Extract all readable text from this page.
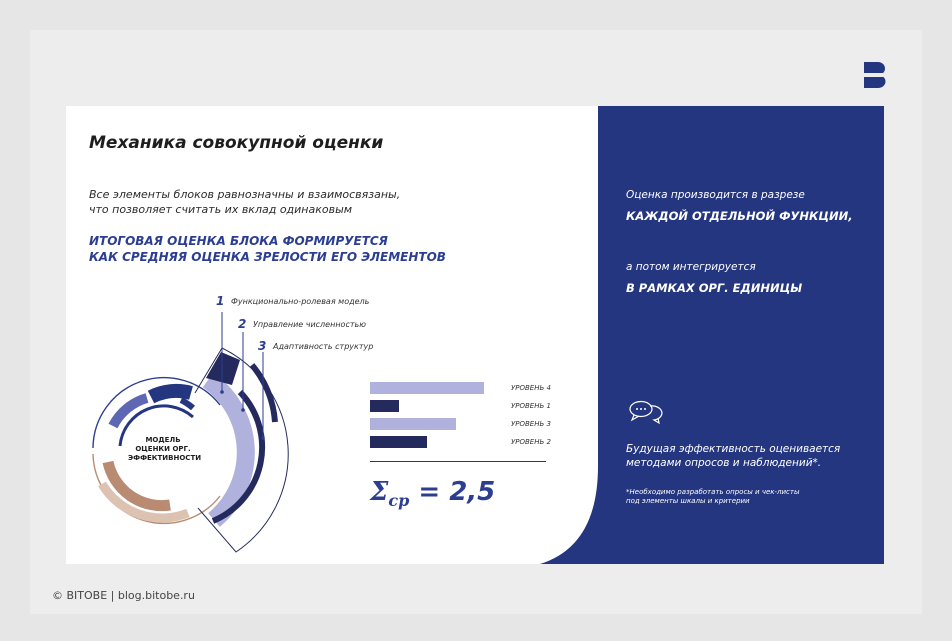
Механика совокупной оценки
Все элементы блоков равнозначны и взаимосвязаны,
что позволяет считать их вклад одинаковым
ИТОГОВАЯ ОЦЕНКА БЛОКА ФОРМИРУЕТСЯ
КАК СРЕДНЯЯ ОЦЕНКА ЗРЕЛОСТИ ЕГО ЭЛЕМЕНТОВ
1 Функционально-ролевая модель
2 Управление численностью
3 Адаптивность структур
МОДЕЛЬ
ОЦЕНКИ ОРГ.
ЭФФЕКТИВНОСТИ
УРОВЕНЬ 4
УРОВЕНЬ 1
УРОВЕНЬ 3
УРОВЕНЬ 2
$\Sigma_{ср} = 2,5$
Оценка производится в разрезе
КАЖДОЙ ОТДЕЛЬНОЙ ФУНКЦИИ,
а потом интегрируется
В РАМКАХ ОРГ. ЕДИНИЦЫ
Будущая эффективность оценивается
методами опросов и наблюдений*.
*Необходимо разработать опросы и чек-листы
под элементы шкалы и критерии
© BITOBE | blog.bitobe.ru
